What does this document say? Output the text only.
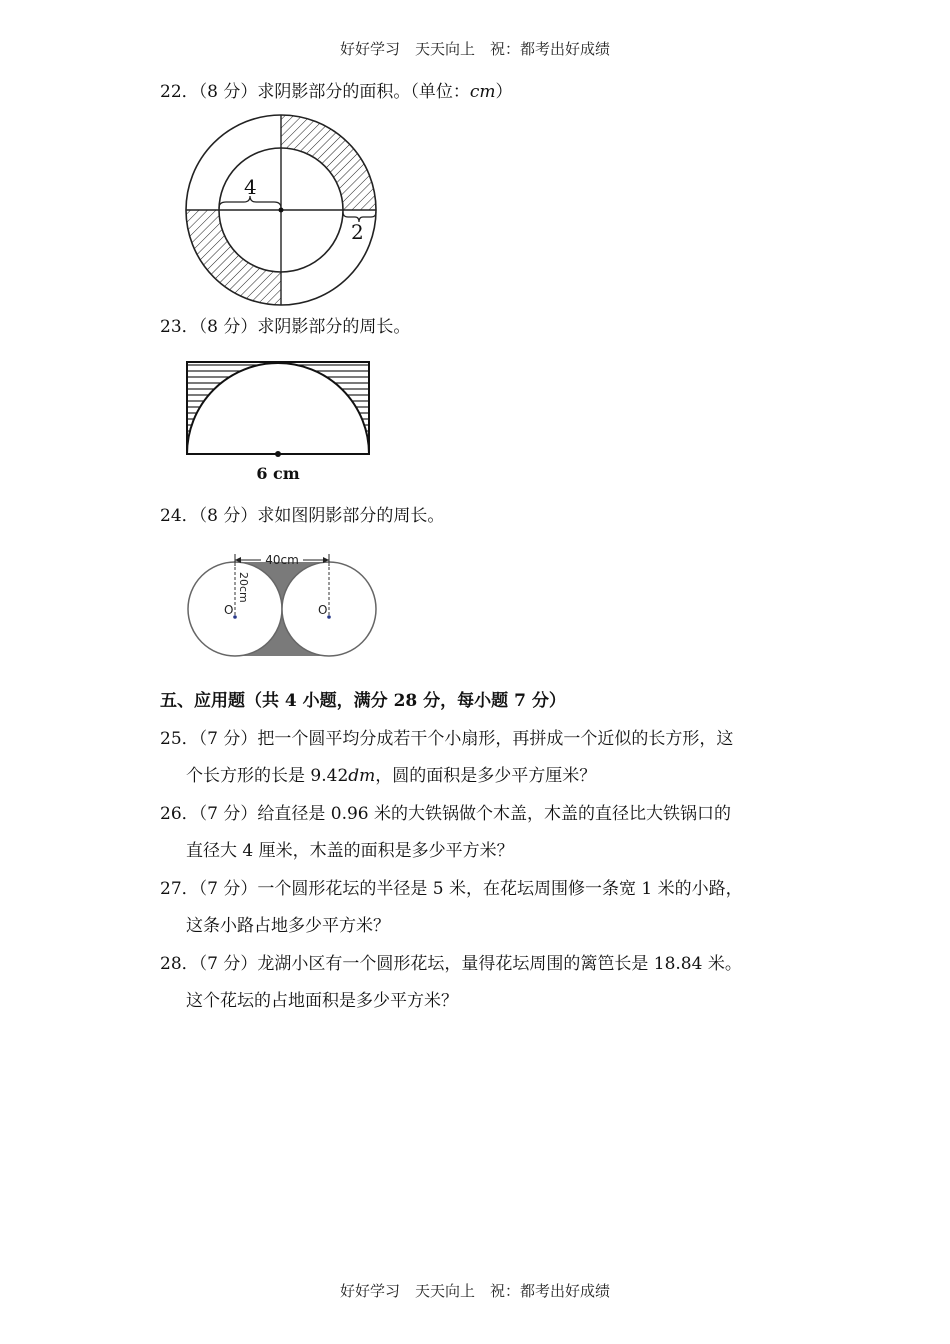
好好学习　天天向上　祝：都考出好成绩
22．（8 分）求阴影部分的面积。（单位：cm）
4
2
23．（8 分）求阴影部分的周长。
6 cm
24．（8 分）求如图阴影部分的周长。
40cm
20cm
O	O
五、应用题（共 4 小题，满分 28 分，每小题 7 分）
25．（7 分）把一个圆平均分成若干个小扇形，再拼成一个近似的长方形，这
个长方形的长是 9.42dm，圆的面积是多少平方厘米？
26．（7 分）给直径是 0.96 米的大铁锅做个木盖，木盖的直径比大铁锅口的
直径大 4 厘米，木盖的面积是多少平方米？
27．（7 分）一个圆形花坛的半径是 5 米，在花坛周围修一条宽 1 米的小路，
这条小路占地多少平方米？
28．（7 分）龙湖小区有一个圆形花坛，量得花坛周围的篱笆长是 18.84 米。
这个花坛的占地面积是多少平方米？
好好学习　天天向上　祝：都考出好成绩
